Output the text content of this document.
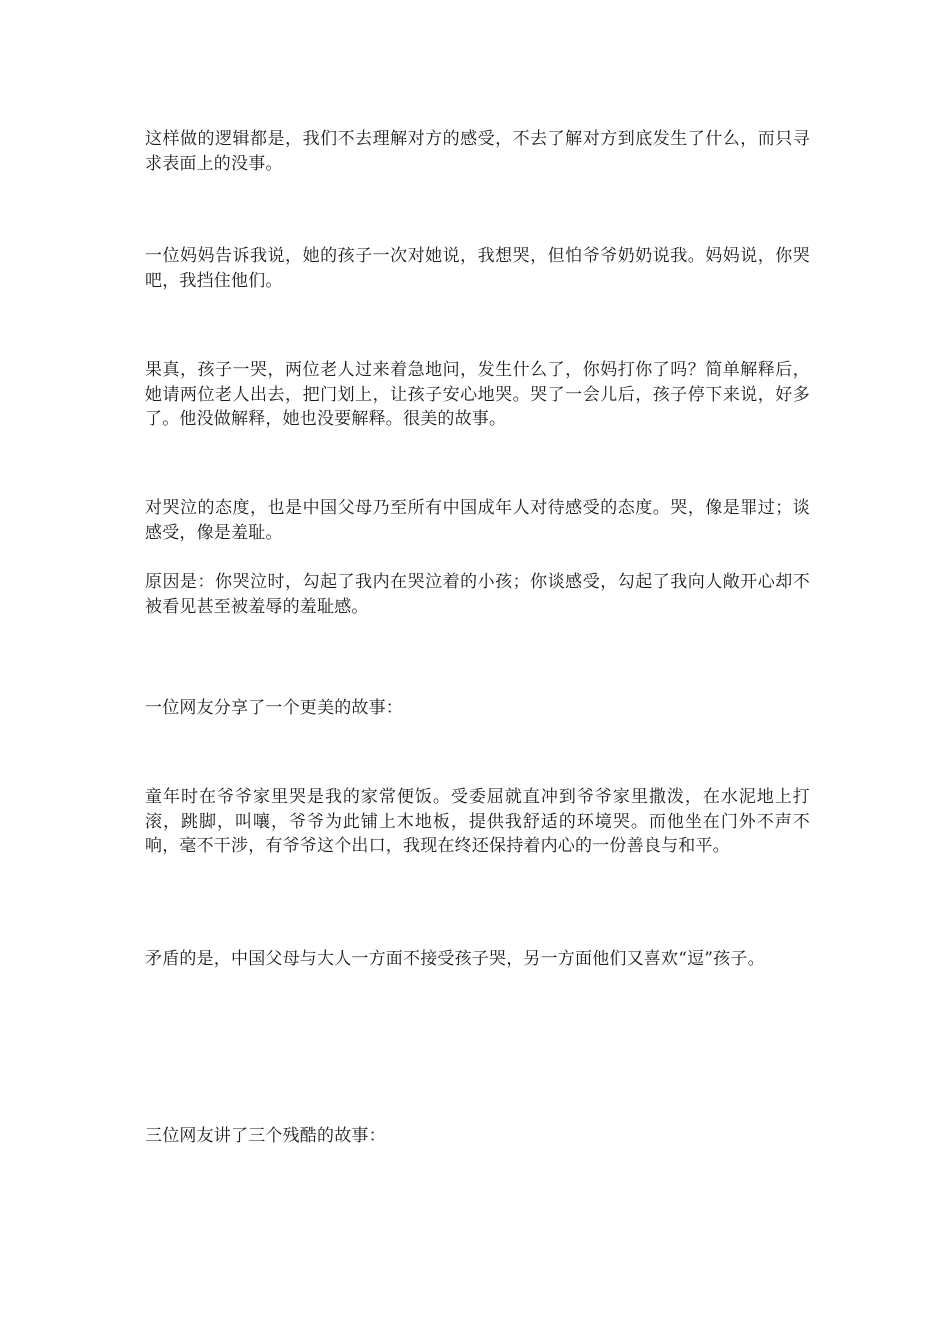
这样做的逻辑都是，我们不去理解对方的感受，不去了解对方到底发生了什么，而只寻求表面上的没事。

一位妈妈告诉我说，她的孩子一次对她说，我想哭，但怕爷爷奶奶说我。妈妈说，你哭吧，我挡住他们。

果真，孩子一哭，两位老人过来着急地问，发生什么了，你妈打你了吗？简单解释后，她请两位老人出去，把门划上，让孩子安心地哭。哭了一会儿后，孩子停下来说，好多了。他没做解释，她也没要解释。很美的故事。

对哭泣的态度，也是中国父母乃至所有中国成年人对待感受的态度。哭，像是罪过；谈感受，像是羞耻。

原因是：你哭泣时，勾起了我内在哭泣着的小孩；你谈感受，勾起了我向人敞开心却不被看见甚至被羞辱的羞耻感。

一位网友分享了一个更美的故事：

童年时在爷爷家里哭是我的家常便饭。受委屈就直冲到爷爷家里撒泼，在水泥地上打滚，跳脚，叫嚷，爷爷为此铺上木地板，提供我舒适的环境哭。而他坐在门外不声不响，毫不干涉，有爷爷这个出口，我现在终还保持着内心的一份善良与和平。

矛盾的是，中国父母与大人一方面不接受孩子哭，另一方面他们又喜欢“逗”孩子。

三位网友讲了三个残酷的故事：
